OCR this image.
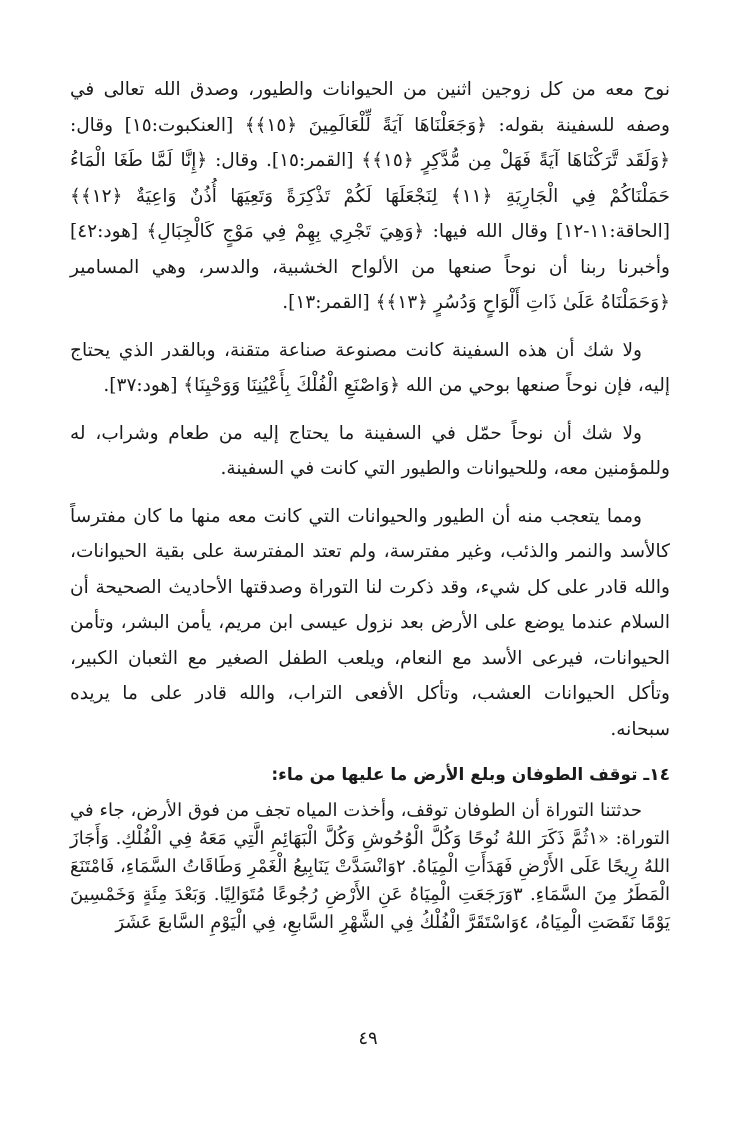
نوح معه من كل زوجين اثنين من الحيوانات والطيور، وصدق الله تعالى في وصفه للسفينة بقوله: ﴿وَجَعَلْنَاهَا آيَةً لِّلْعَالَمِينَ ﴿١٥﴾﴾ [العنكبوت:١٥] وقال: ﴿وَلَقَد تَّرَكْنَاهَا آيَةً فَهَلْ مِن مُّدَّكِرٍ ﴿١٥﴾﴾ [القمر:١٥]. وقال: ﴿إِنَّا لَمَّا طَغَا الْمَاءُ حَمَلْنَاكُمْ فِي الْجَارِيَةِ ﴿١١﴾ لِنَجْعَلَهَا لَكُمْ تَذْكِرَةً وَتَعِيَهَا أُذُنٌ وَاعِيَةٌ ﴿١٢﴾﴾ [الحاقة:١١-١٢] وقال الله فيها: ﴿وَهِيَ تَجْرِي بِهِمْ فِي مَوْجٍ كَالْجِبَالِ﴾ [هود:٤٢] وأخبرنا ربنا أن نوحاً صنعها من الألواح الخشبية، والدسر، وهي المسامير ﴿وَحَمَلْنَاهُ عَلَىٰ ذَاتِ أَلْوَاحٍ وَدُسُرٍ ﴿١٣﴾﴾ [القمر:١٣].

ولا شك أن هذه السفينة كانت مصنوعة صناعة متقنة، وبالقدر الذي يحتاج إليه، فإن نوحاً صنعها بوحي من الله ﴿وَاصْنَعِ الْفُلْكَ بِأَعْيُنِنَا وَوَحْيِنَا﴾ [هود:٣٧].

ولا شك أن نوحاً حمّل في السفينة ما يحتاج إليه من طعام وشراب، له وللمؤمنين معه، وللحيوانات والطيور التي كانت في السفينة.

ومما يتعجب منه أن الطيور والحيوانات التي كانت معه منها ما كان مفترساً كالأسد والنمر والذئب، وغير مفترسة، ولم تعتد المفترسة على بقية الحيوانات، والله قادر على كل شيء، وقد ذكرت لنا التوراة وصدقتها الأحاديث الصحيحة أن السلام عندما يوضع على الأرض بعد نزول عيسى ابن مريم، يأمن البشر، وتأمن الحيوانات، فيرعى الأسد مع النعام، ويلعب الطفل الصغير مع الثعبان الكبير، وتأكل الحيوانات العشب، وتأكل الأفعى التراب، والله قادر على ما يريده سبحانه.

١٤ـ توقف الطوفان وبلع الأرض ما عليها من ماء:

حدثتنا التوراة أن الطوفان توقف، وأخذت المياه تجف من فوق الأرض، جاء في التوراة: «١ثُمَّ ذَكَرَ اللهُ نُوحًا وَكُلَّ الْوُحُوشِ وَكُلَّ الْبَهَائِمِ الَّتِي مَعَهُ فِي الْفُلْكِ. وَأَجَازَ اللهُ رِيحًا عَلَى الأَرْضِ فَهَدَأَتِ الْمِيَاهُ. ٢وَانْسَدَّتْ يَنَابِيعُ الْغَمْرِ وَطَاقَاتُ السَّمَاءِ، فَامْتَنَعَ الْمَطَرُ مِنَ السَّمَاءِ. ٣وَرَجَعَتِ الْمِيَاهُ عَنِ الأَرْضِ رُجُوعًا مُتَوَالِيًا. وَبَعْدَ مِئَةٍ وَخَمْسِينَ يَوْمًا نَقَصَتِ الْمِيَاهُ، ٤وَاسْتَقَرَّ الْفُلْكُ فِي الشَّهْرِ السَّابعِ، فِي الْيَوْمِ السَّابعَ عَشَرَ

٤٩
